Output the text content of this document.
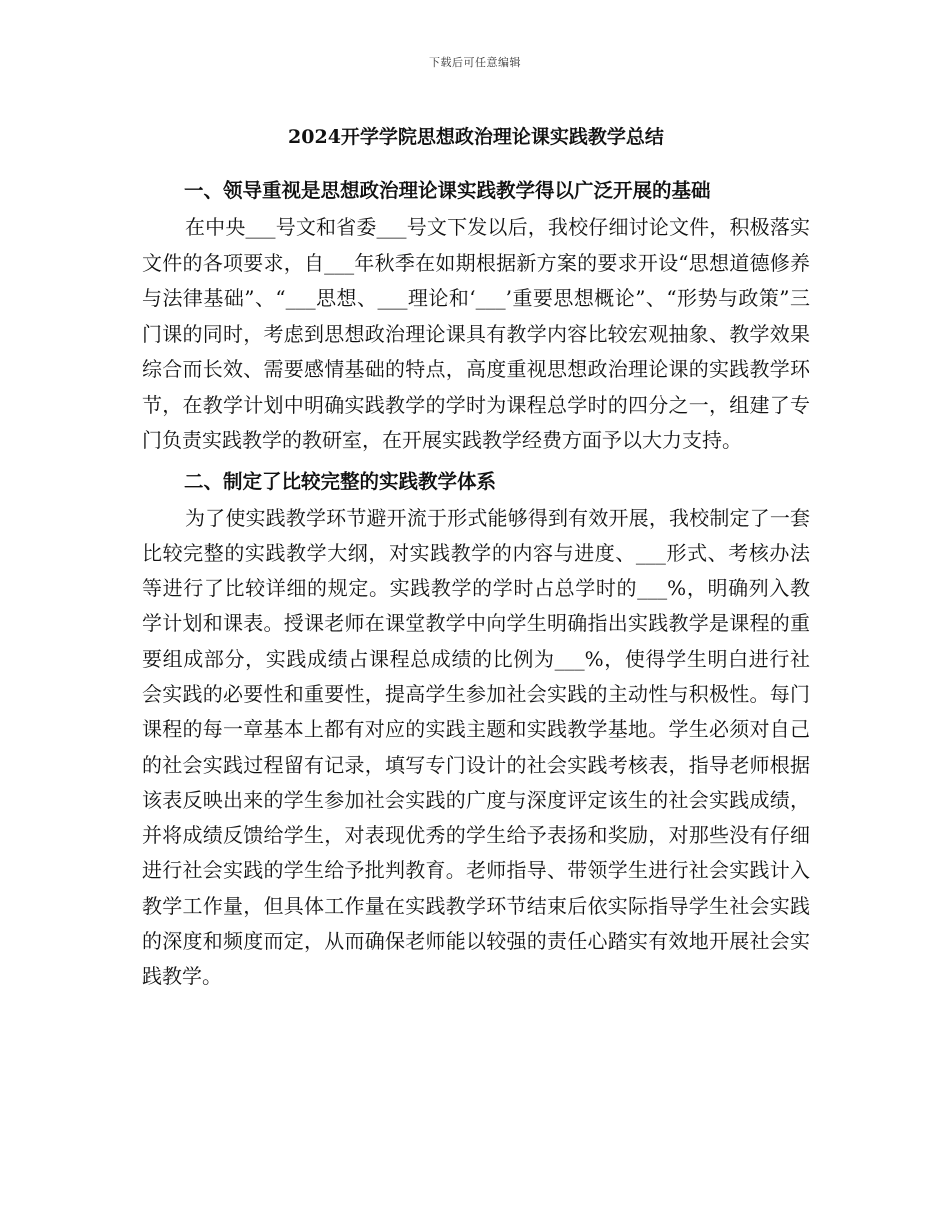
下载后可任意编辑
2024开学学院思想政治理论课实践教学总结
一、领导重视是思想政治理论课实践教学得以广泛开展的基础

在中央___号文和省委___号文下发以后，我校仔细讨论文件，积极落实文件的各项要求，自___年秋季在如期根据新方案的要求开设“思想道德修养与法律基础”、“___思想、___理论和‘___’重要思想概论”、“形势与政策”三门课的同时，考虑到思想政治理论课具有教学内容比较宏观抽象、教学效果综合而长效、需要感情基础的特点，高度重视思想政治理论课的实践教学环节，在教学计划中明确实践教学的学时为课程总学时的四分之一，组建了专门负责实践教学的教研室，在开展实践教学经费方面予以大力支持。

二、制定了比较完整的实践教学体系

为了使实践教学环节避开流于形式能够得到有效开展，我校制定了一套比较完整的实践教学大纲，对实践教学的内容与进度、___形式、考核办法等进行了比较详细的规定。实践教学的学时占总学时的___%，明确列入教学计划和课表。授课老师在课堂教学中向学生明确指出实践教学是课程的重要组成部分，实践成绩占课程总成绩的比例为___%，使得学生明白进行社会实践的必要性和重要性，提高学生参加社会实践的主动性与积极性。每门课程的每一章基本上都有对应的实践主题和实践教学基地。学生必须对自己的社会实践过程留有记录，填写专门设计的社会实践考核表，指导老师根据该表反映出来的学生参加社会实践的广度与深度评定该生的社会实践成绩，并将成绩反馈给学生，对表现优秀的学生给予表扬和奖励，对那些没有仔细进行社会实践的学生给予批判教育。老师指导、带领学生进行社会实践计入教学工作量，但具体工作量在实践教学环节结束后依实际指导学生社会实践的深度和频度而定，从而确保老师能以较强的责任心踏实有效地开展社会实践教学。
